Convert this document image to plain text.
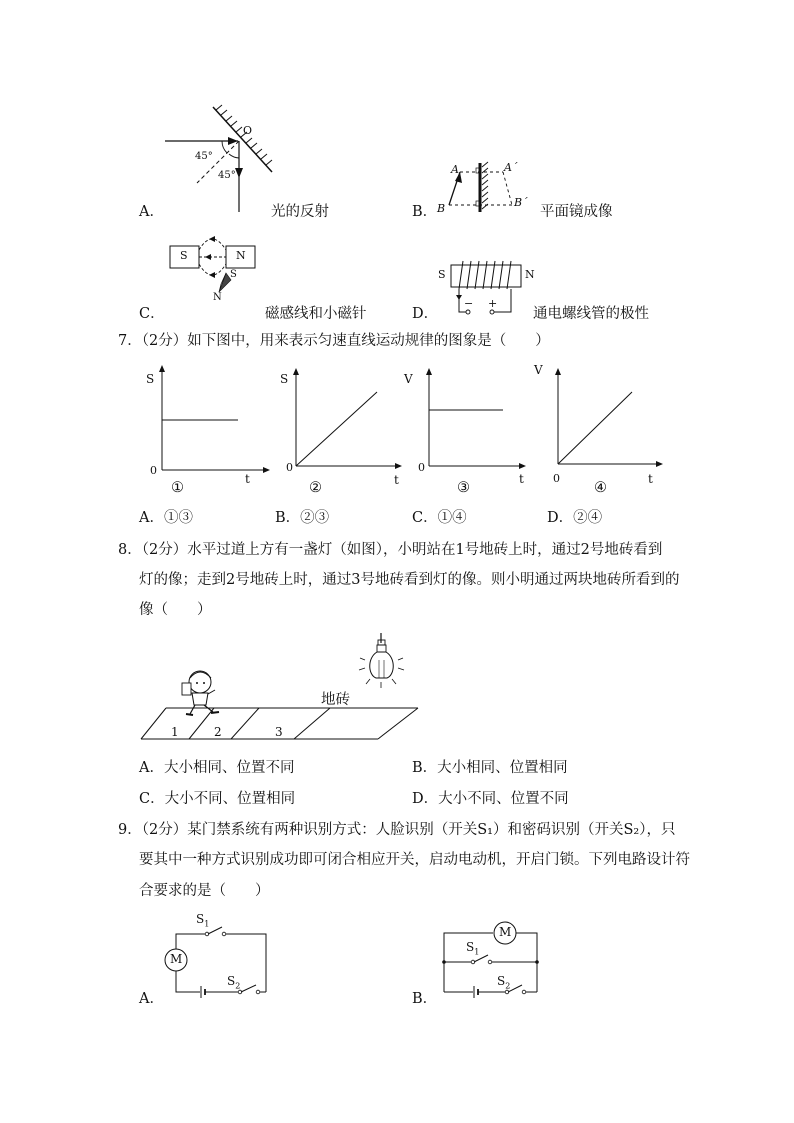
O
45°
45°	A	A´
B	B´
A．	光的反射	B．	平面镜成像
S	N
S
N
S	N
− +
C．	磁感线和小磁针	D．	通电螺线管的极性
7．（2分）如下图中，用来表示匀速直线运动规律的图象是（　　）
S
t
0
①
S
t
0
②
V
t
0
③
V
t
0
④
A．①③	B．②③	C．①④	D．②④
8．（2分）水平过道上方有一盏灯（如图），小明站在1号地砖上时，通过2号地砖看到
灯的像；走到2号地砖上时，通过3号地砖看到灯的像。则小明通过两块地砖所看到的
像（　　）
地砖
1	2	3
A．大小相同、位置不同	B．大小相同、位置相同
C．大小不同、位置相同	D．大小不同、位置不同
9．（2分）某门禁系统有两种识别方式：人脸识别（开关S₁）和密码识别（开关S₂），只
要其中一种方式识别成功即可闭合相应开关，启动电动机，开启门锁。下列电路设计符
合要求的是（　　）
M
$S_1$
$S_2$
A．
M
$S_1$
$S_2$
B．
